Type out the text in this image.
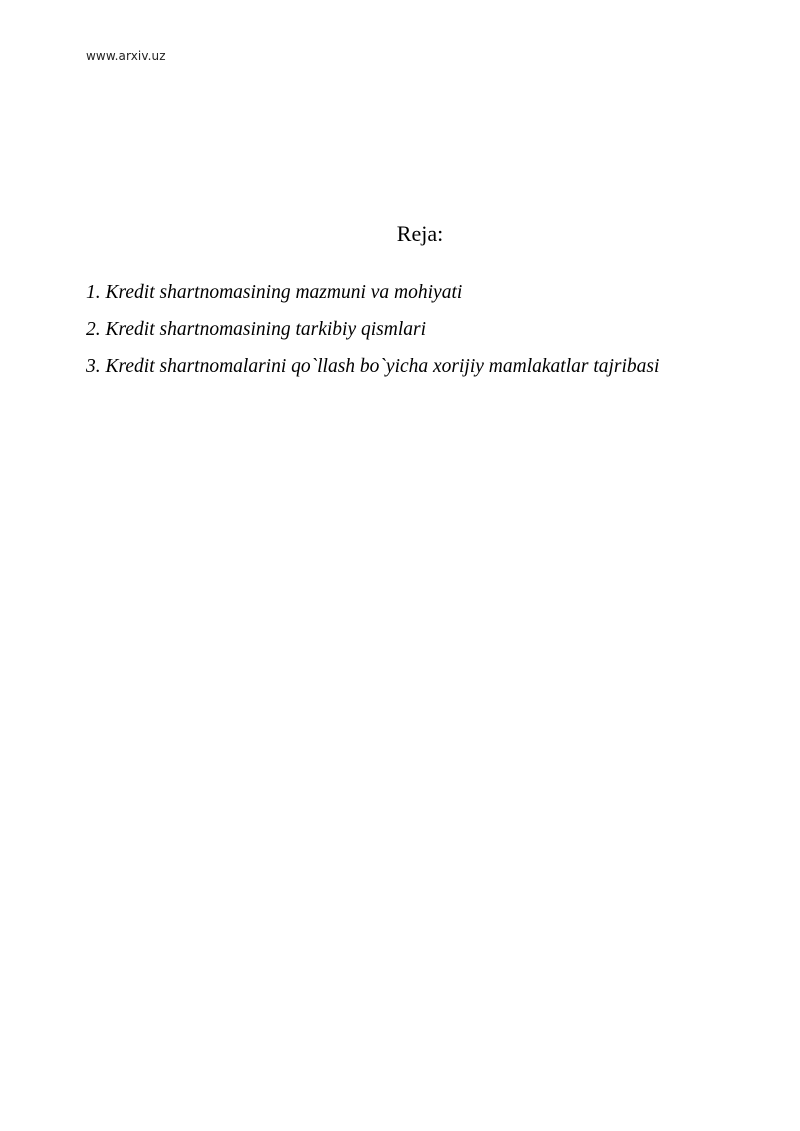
www.arxiv.uz
Reja:
1. Kredit shartnomasining mazmuni va mohiyati
2. Kredit shartnomasining tarkibiy qismlari
3. Kredit shartnomalarini qo`llash bo`yicha xorijiy mamlakatlar tajribasi
